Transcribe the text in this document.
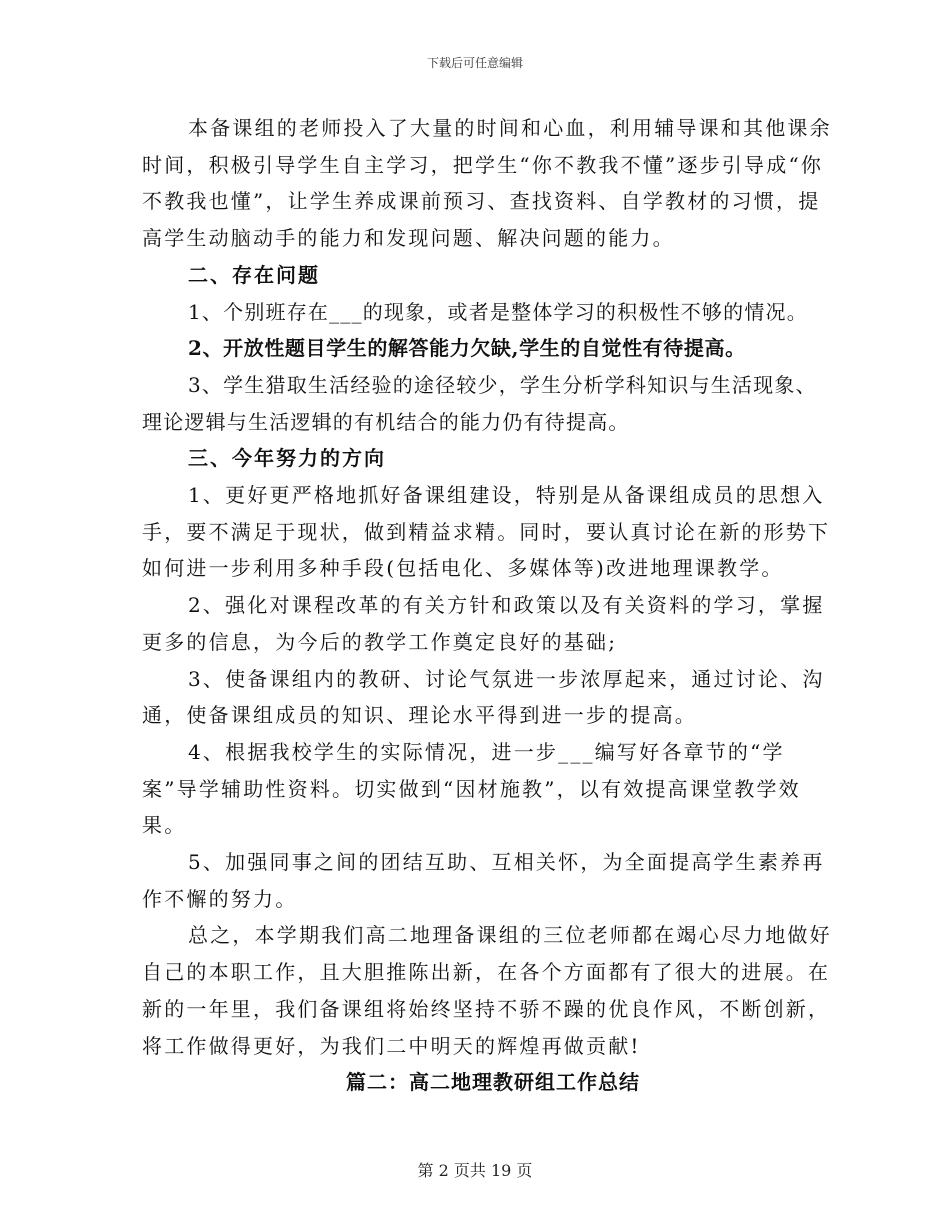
下载后可任意编辑

本备课组的老师投入了大量的时间和心血，利用辅导课和其他课余时间，积极引导学生自主学习，把学生“你不教我不懂”逐步引导成“你不教我也懂”，让学生养成课前预习、查找资料、自学教材的习惯，提高学生动脑动手的能力和发现问题、解决问题的能力。

二、存在问题

1、个别班存在___的现象，或者是整体学习的积极性不够的情况。

2、开放性题目学生的解答能力欠缺,学生的自觉性有待提高。

3、学生猎取生活经验的途径较少，学生分析学科知识与生活现象、理论逻辑与生活逻辑的有机结合的能力仍有待提高。

三、今年努力的方向

1、更好更严格地抓好备课组建设，特别是从备课组成员的思想入手，要不满足于现状，做到精益求精。同时，要认真讨论在新的形势下如何进一步利用多种手段(包括电化、多媒体等)改进地理课教学。

2、强化对课程改革的有关方针和政策以及有关资料的学习，掌握更多的信息，为今后的教学工作奠定良好的基础;

3、使备课组内的教研、讨论气氛进一步浓厚起来，通过讨论、沟通，使备课组成员的知识、理论水平得到进一步的提高。

4、根据我校学生的实际情况，进一步___编写好各章节的“学案”导学辅助性资料。切实做到“因材施教”，以有效提高课堂教学效果。

5、加强同事之间的团结互助、互相关怀，为全面提高学生素养再作不懈的努力。

总之，本学期我们高二地理备课组的三位老师都在竭心尽力地做好自己的本职工作，且大胆推陈出新，在各个方面都有了很大的进展。在新的一年里，我们备课组将始终坚持不骄不躁的优良作风，不断创新，将工作做得更好，为我们二中明天的辉煌再做贡献!

篇二：高二地理教研组工作总结

第 2 页共 19 页
